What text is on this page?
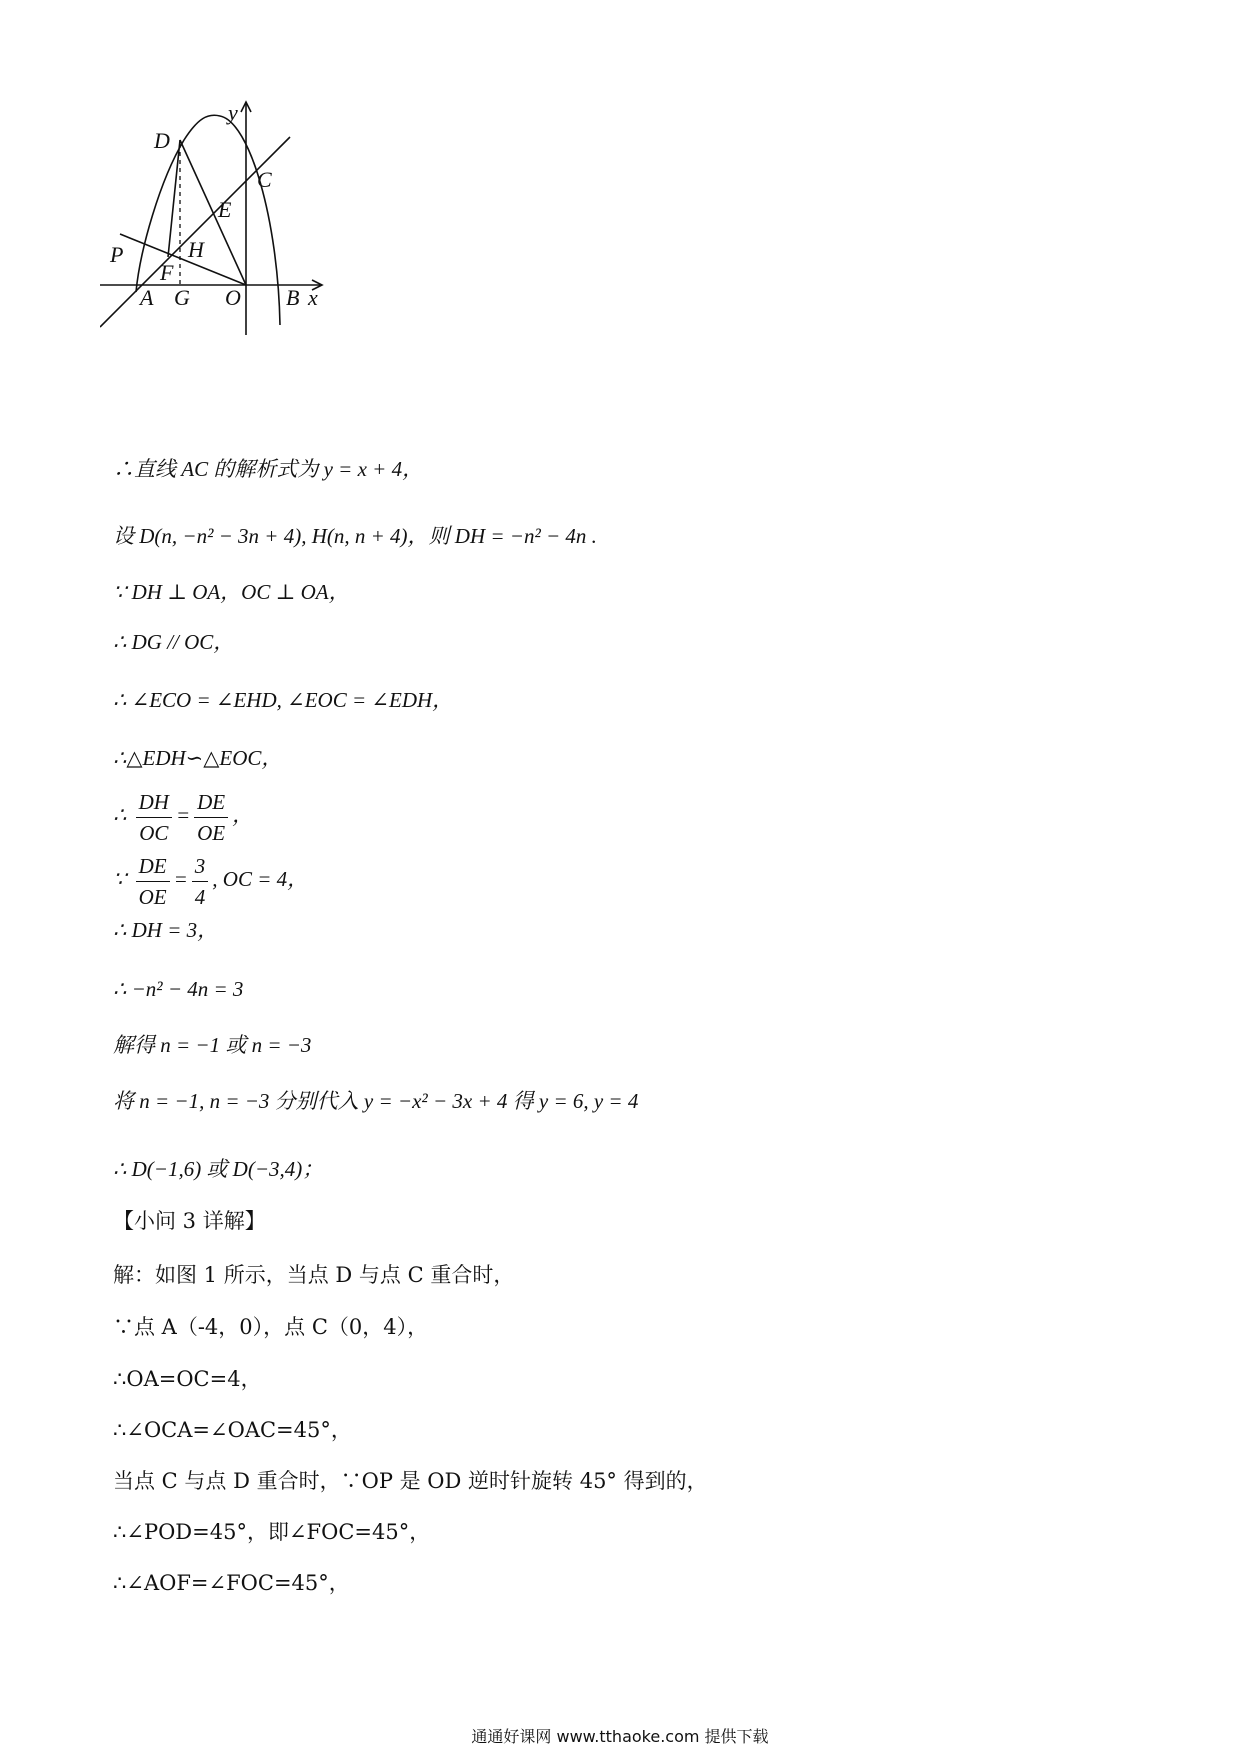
D
C
E
H
P
F
A G O B x
y
∴直线 AC 的解析式为 y = x + 4，
设 D(n, −n² − 3n + 4), H(n, n + 4)，则 DH = −n² − 4n .
∵ DH ⊥ OA，OC ⊥ OA，
∴ DG // OC，
∴ ∠ECO = ∠EHD, ∠EOC = ∠EDH，
∴△EDH∽△EOC，
∴ $\frac{DH}{OC} = \frac{DE}{OE}$ ，
∵ $\frac{DE}{OE} = \frac{3}{4}$ , OC = 4，
∴ DH = 3，
∴ −n² − 4n = 3
解得 n = −1 或 n = −3
将 n = −1, n = −3 分别代入 y = −x² − 3x + 4 得 y = 6, y = 4
∴ D(−1,6) 或 D(−3,4)；
【小问 3 详解】
解：如图 1 所示，当点 D 与点 C 重合时，
∵点 A（-4，0），点 C（0，4），
∴OA=OC=4，
∴∠OCA=∠OAC=45°，
当点 C 与点 D 重合时，∵OP 是 OD 逆时针旋转 45° 得到的，
∴∠POD=45°，即∠FOC=45°，
∴∠AOF=∠FOC=45°，
通通好课网 www.tthaoke.com 提供下载
